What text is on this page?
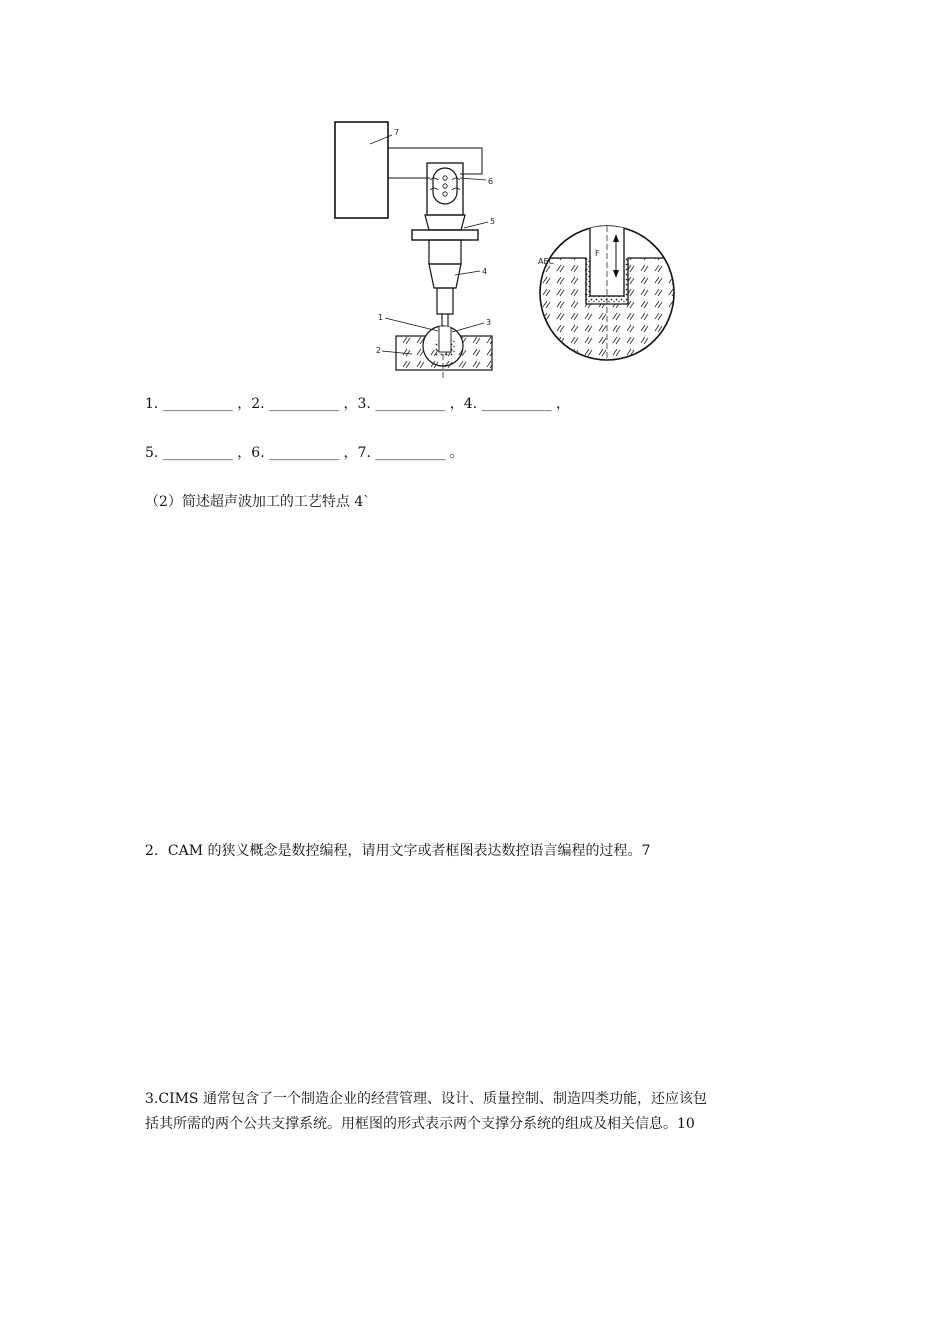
7
6
5
4
1
3
2
F
AEC
1. __________ ，2. __________ ，3. __________ ，4. __________ ，
5. __________ ，6. __________ ，7. __________ 。
（2）简述超声波加工的工艺特点 4`
2．CAM 的狭义概念是数控编程，请用文字或者框图表达数控语言编程的过程。7
3.CIMS 通常包含了一个制造企业的经营管理、设计、质量控制、制造四类功能，还应该包
括其所需的两个公共支撑系统。用框图的形式表示两个支撑分系统的组成及相关信息。10
